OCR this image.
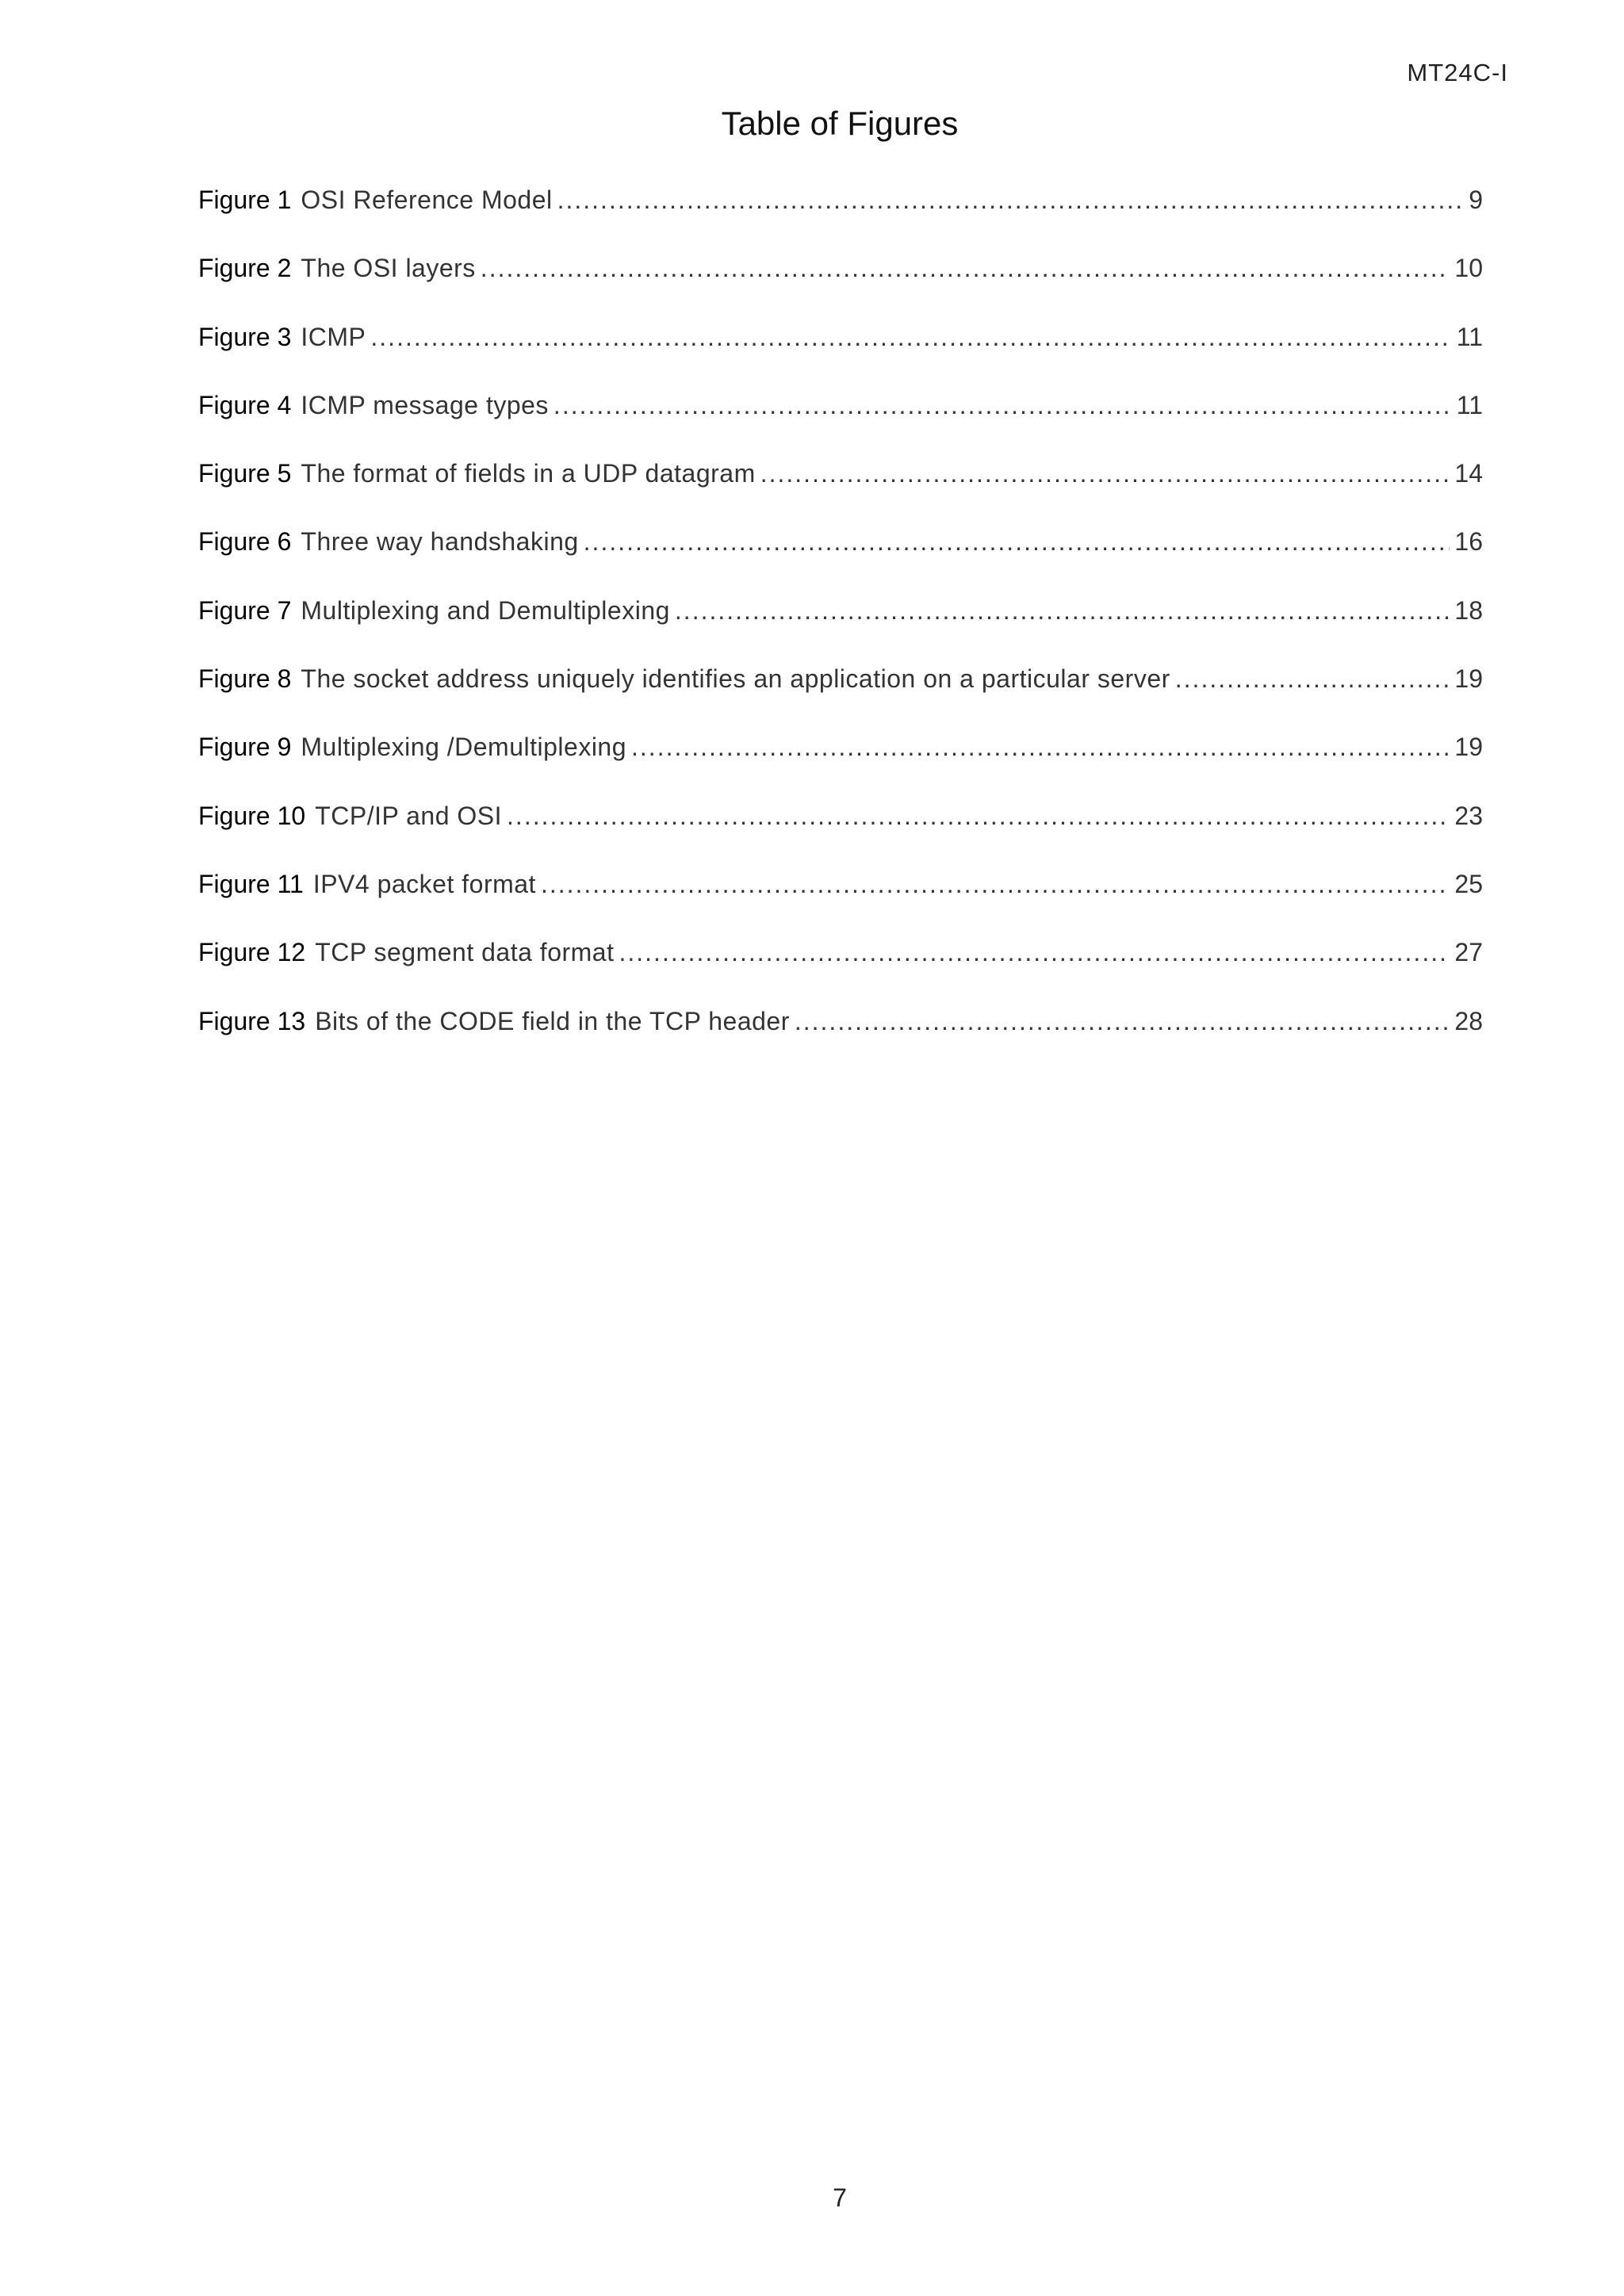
MT24C-I
Table of Figures
Figure 1 OSI Reference Model .....	9
Figure 2 The OSI layers .....	10
Figure 3 ICMP .....	11
Figure 4 ICMP message types .....	11
Figure 5 The format of fields in a UDP datagram .....	14
Figure 6 Three way handshaking .....	16
Figure 7 Multiplexing and Demultiplexing .....	18
Figure 8 The socket address uniquely identifies an application on a particular server .....	19
Figure 9 Multiplexing /Demultiplexing .....	19
Figure 10 TCP/IP and OSI .....	23
Figure 11 IPV4 packet format .....	25
Figure 12 TCP segment data format .....	27
Figure 13 Bits of the CODE field in the TCP header .....	28
7
